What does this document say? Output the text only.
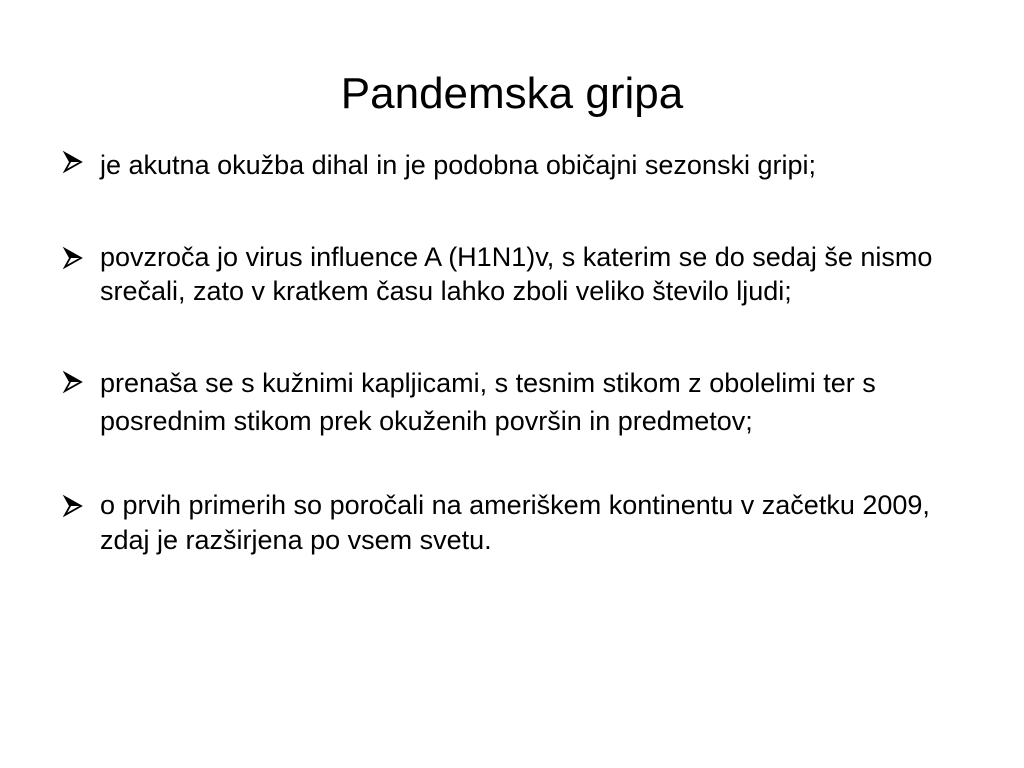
Pandemska gripa

je akutna okužba dihal in je podobna običajni sezonski gripi;

povzroča jo virus influence A (H1N1)v, s katerim se do sedaj še nismo srečali, zato v kratkem času lahko zboli veliko število ljudi;

prenaša se s kužnimi kapljicami, s tesnim stikom z obolelimi ter s posrednim stikom prek okuženih površin in predmetov;

o prvih primerih so poročali na ameriškem kontinentu v začetku 2009, zdaj je razširjena po vsem svetu.
